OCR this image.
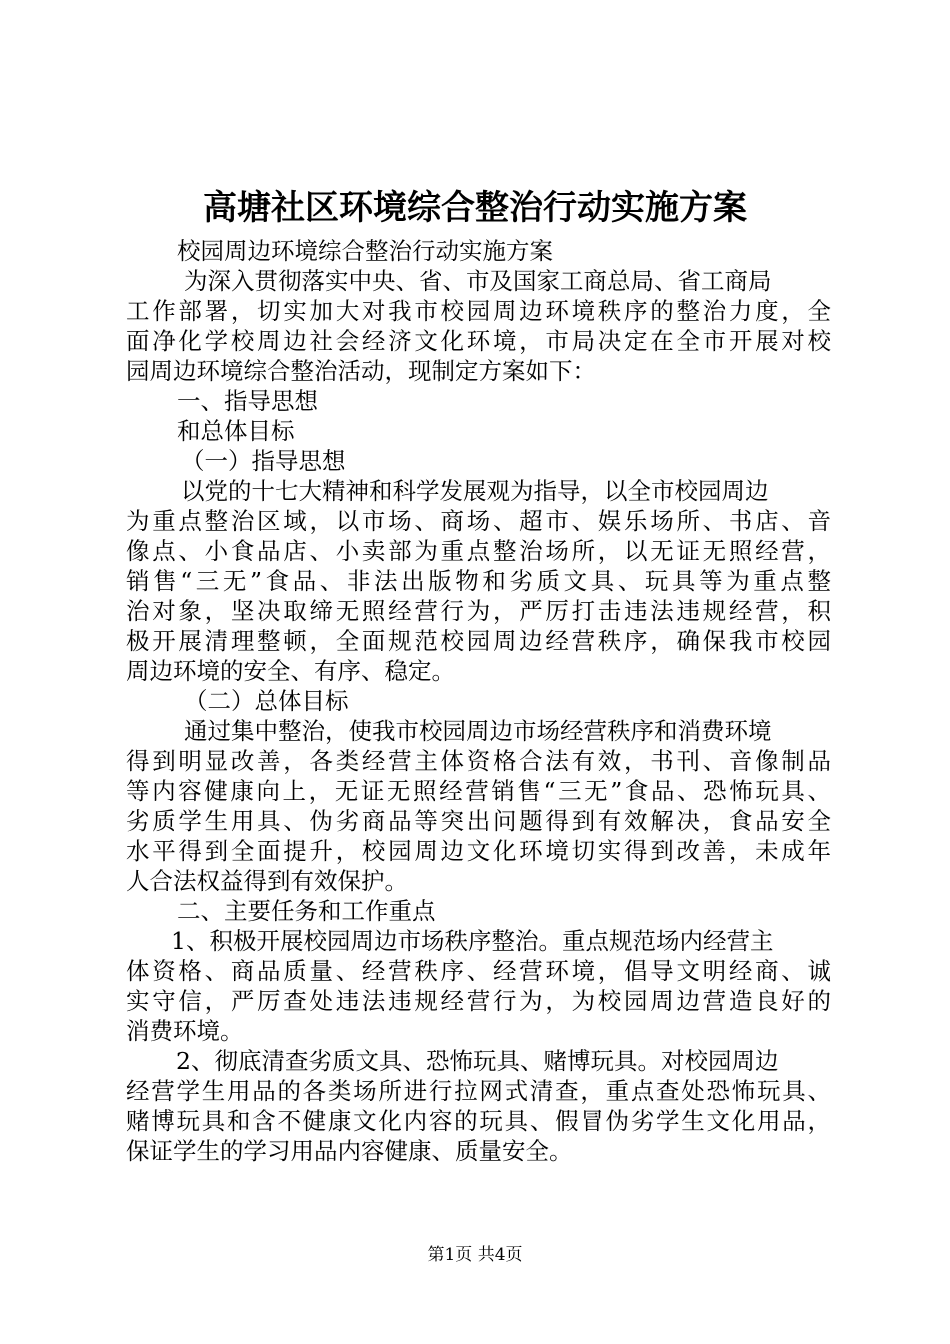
高塘社区环境综合整治行动实施方案
校园周边环境综合整治行动实施方案
为深入贯彻落实中央、省、市及国家工商总局、省工商局
工作部署，切实加大对我市校园周边环境秩序的整治力度，全
面净化学校周边社会经济文化环境，市局决定在全市开展对校
园周边环境综合整治活动，现制定方案如下：
一、指导思想
和总体目标
（一）指导思想
以党的十七大精神和科学发展观为指导，以全市校园周边
为重点整治区域，以市场、商场、超市、娱乐场所、书店、音
像点、小食品店、小卖部为重点整治场所，以无证无照经营，
销售“三无”食品、非法出版物和劣质文具、玩具等为重点整
治对象，坚决取缔无照经营行为，严厉打击违法违规经营，积
极开展清理整顿，全面规范校园周边经营秩序，确保我市校园
周边环境的安全、有序、稳定。
（二）总体目标
通过集中整治，使我市校园周边市场经营秩序和消费环境
得到明显改善，各类经营主体资格合法有效，书刊、音像制品
等内容健康向上，无证无照经营销售“三无”食品、恐怖玩具、
劣质学生用具、伪劣商品等突出问题得到有效解决，食品安全
水平得到全面提升，校园周边文化环境切实得到改善，未成年
人合法权益得到有效保护。
二、主要任务和工作重点
1、积极开展校园周边市场秩序整治。重点规范场内经营主
体资格、商品质量、经营秩序、经营环境，倡导文明经商、诚
实守信，严厉查处违法违规经营行为，为校园周边营造良好的
消费环境。
2、彻底清查劣质文具、恐怖玩具、赌博玩具。对校园周边
经营学生用品的各类场所进行拉网式清查，重点查处恐怖玩具、
赌博玩具和含不健康文化内容的玩具、假冒伪劣学生文化用品，
保证学生的学习用品内容健康、质量安全。
第1页 共4页
